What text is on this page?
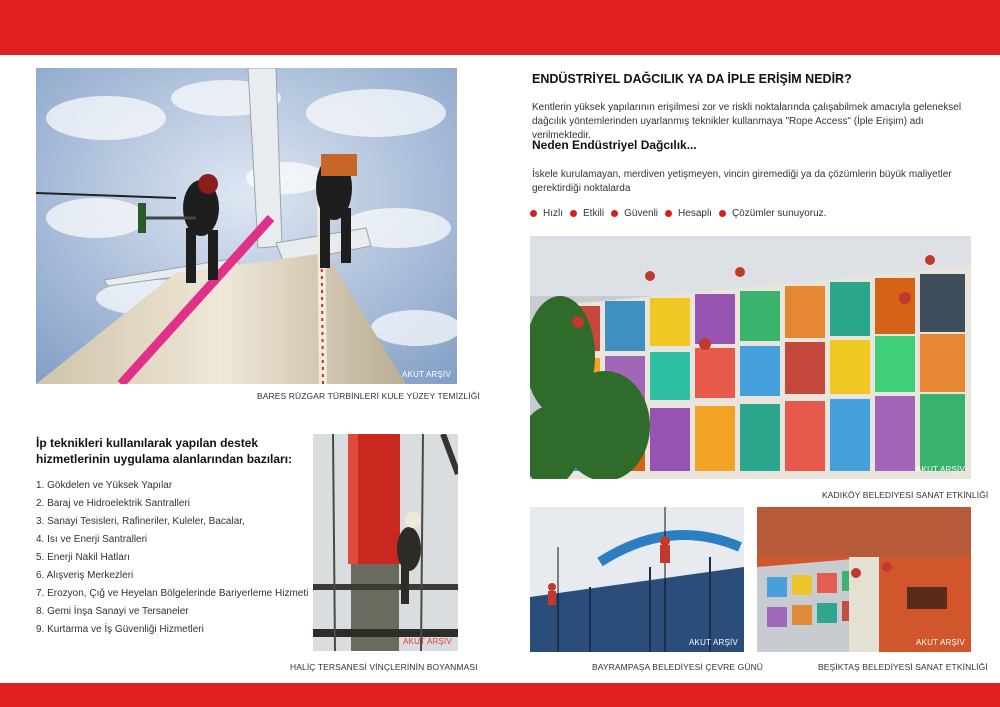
AKUT ARŞİV
BARES RÜZGAR TÜRBİNLERİ KULE YÜZEY TEMİZLİĞİ
ENDÜSTRİYEL DAĞCILIK YA DA İPLE ERİŞİM NEDİR?
Kentlerin yüksek yapılarının erişilmesi zor ve riskli noktalarında çalışabilmek amacıyla geleneksel dağcılık yöntemlerinden uyarlanmış teknikler kullanmaya "Rope Access" (İple Erişim) adı verilmektedir.
Neden Endüstriyel Dağcılık...
İskele kurulamayan, merdiven yetişmeyen, vincin giremediği ya da çözümlerin büyük maliyetler gerektirdiği noktalarda
Hızlı Etkili Güvenli Hesaplı Çözümler sunuyoruz.
AKUT ARŞİV
KADIKÖY BELEDİYESİ SANAT ETKİNLİĞİ
İp teknikleri kullanılarak yapılan destek hizmetlerinin uygulama alanlarından bazıları:
1. Gökdelen ve Yüksek Yapılar
2. Baraj ve Hidroelektrik Santralleri
3. Sanayi Tesisleri, Rafineriler, Kuleler, Bacalar,
4. Isı ve Enerji Santralleri
5. Enerji Nakil Hatları
6. Alışveriş Merkezleri
7. Erozyon, Çığ ve Heyelan Bölgelerinde Bariyerleme Hizmeti
8. Gemi İnşa Sanayi ve Tersaneler
9. Kurtarma ve İş Güvenliği Hizmetleri
AKUT ARŞİV
HALİÇ TERSANESİ VİNÇLERİNİN BOYANMASI
AKUT ARŞİV
BAYRAMPAŞA BELEDİYESİ ÇEVRE GÜNÜ
AKUT ARŞİV
BEŞİKTAŞ BELEDİYESİ SANAT ETKİNLİĞİ
